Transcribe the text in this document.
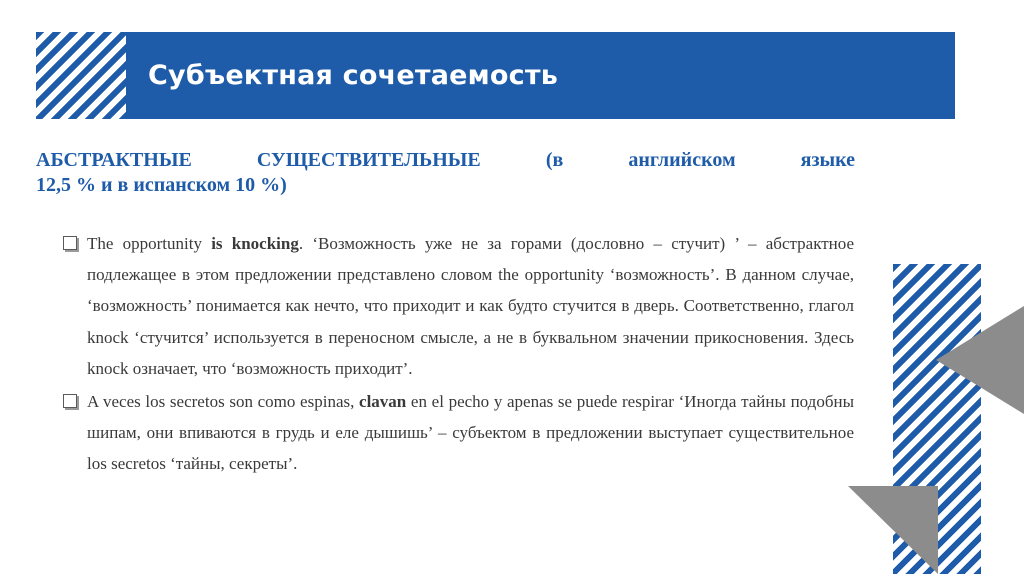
Субъектная сочетаемость
АБСТРАКТНЫЕ СУЩЕСТВИТЕЛЬНЫЕ (в английском языке
12,5 % и в испанском 10 %)
The opportunity is knocking. ‘Возможность уже не за горами (дословно – стучит) ’ – абстрактное подлежащее в этом предложении представлено словом the opportunity ‘возможность’. В данном случае, ‘возможность’ понимается как нечто, что приходит и как будто стучится в дверь. Соответственно, глагол knock ‘стучится’ используется в переносном смысле, а не в буквальном значении прикосновения. Здесь knock означает, что ‘возможность приходит’.
A veces los secretos son como espinas, clavan en el pecho y apenas se puede respirar ‘Иногда тайны подобны шипам, они впиваются в грудь и еле дышишь’ – субъектом в предложении выступает существительное los secretos ‘тайны, секреты’.
